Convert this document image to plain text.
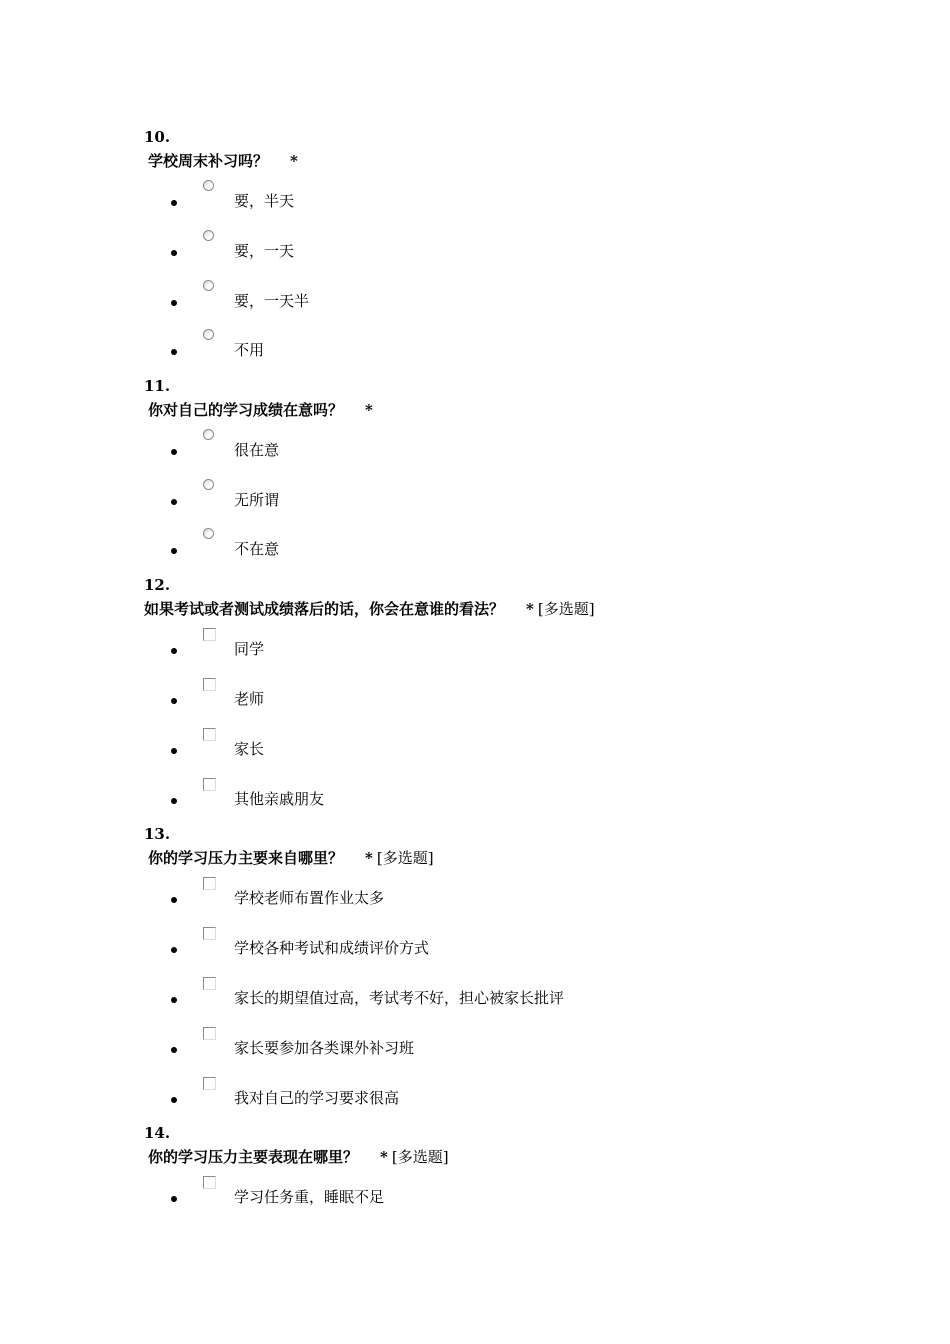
10.
学校周末补习吗？ *
要，半天
要，一天
要，一天半
不用
11.
你对自己的学习成绩在意吗？ *
很在意
无所谓
不在意
12.
如果考试或者测试成绩落后的话，你会在意谁的看法？ * [多选题]
同学
老师
家长
其他亲戚朋友
13.
你的学习压力主要来自哪里？ * [多选题]
学校老师布置作业太多
学校各种考试和成绩评价方式
家长的期望值过高，考试考不好，担心被家长批评
家长要参加各类课外补习班
我对自己的学习要求很高
14.
你的学习压力主要表现在哪里？ * [多选题]
学习任务重，睡眠不足
